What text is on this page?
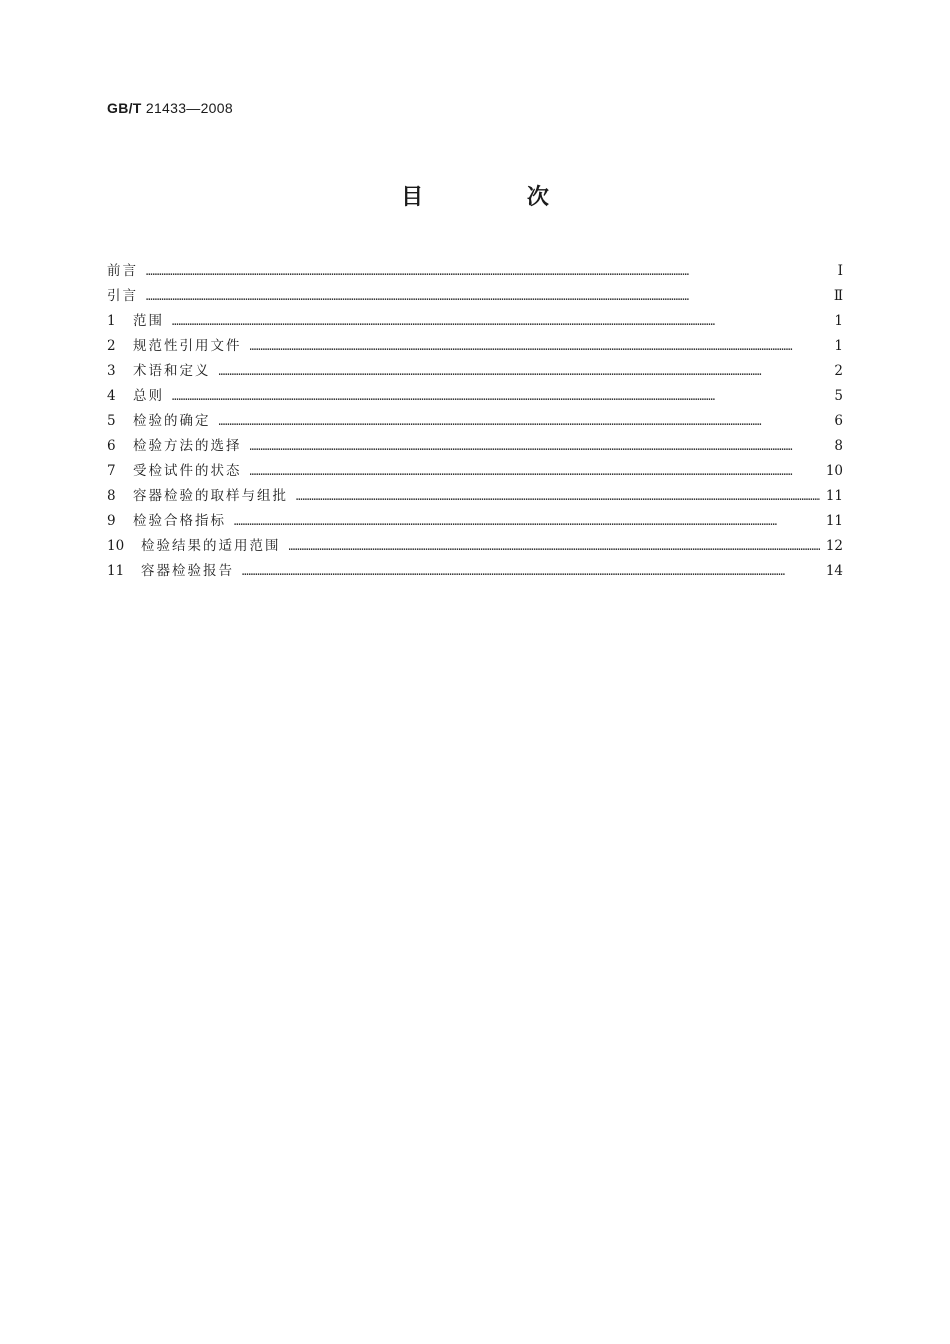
GB/T 21433—2008
目 次
前言 …………………………………………………………………………………………………………………………………………………………………………………………………………………………	Ⅰ
引言 …………………………………………………………………………………………………………………………………………………………………………………………………………………………	Ⅱ
1	范围 …………………………………………………………………………………………………………………………………………………………………………………………………………………………	1
2	规范性引用文件 …………………………………………………………………………………………………………………………………………………………………………………………………………………………	1
3	术语和定义 …………………………………………………………………………………………………………………………………………………………………………………………………………………………	2
4	总则 …………………………………………………………………………………………………………………………………………………………………………………………………………………………	5
5	检验的确定 …………………………………………………………………………………………………………………………………………………………………………………………………………………………	6
6	检验方法的选择 …………………………………………………………………………………………………………………………………………………………………………………………………………………………	8
7	受检试件的状态 …………………………………………………………………………………………………………………………………………………………………………………………………………………………	10
8	容器检验的取样与组批 …………………………………………………………………………………………………………………………………………………………………………………………………………………………	11
9	检验合格指标 …………………………………………………………………………………………………………………………………………………………………………………………………………………………	11
10	检验结果的适用范围 …………………………………………………………………………………………………………………………………………………………………………………………………………………………	12
11	容器检验报告 …………………………………………………………………………………………………………………………………………………………………………………………………………………………	14
